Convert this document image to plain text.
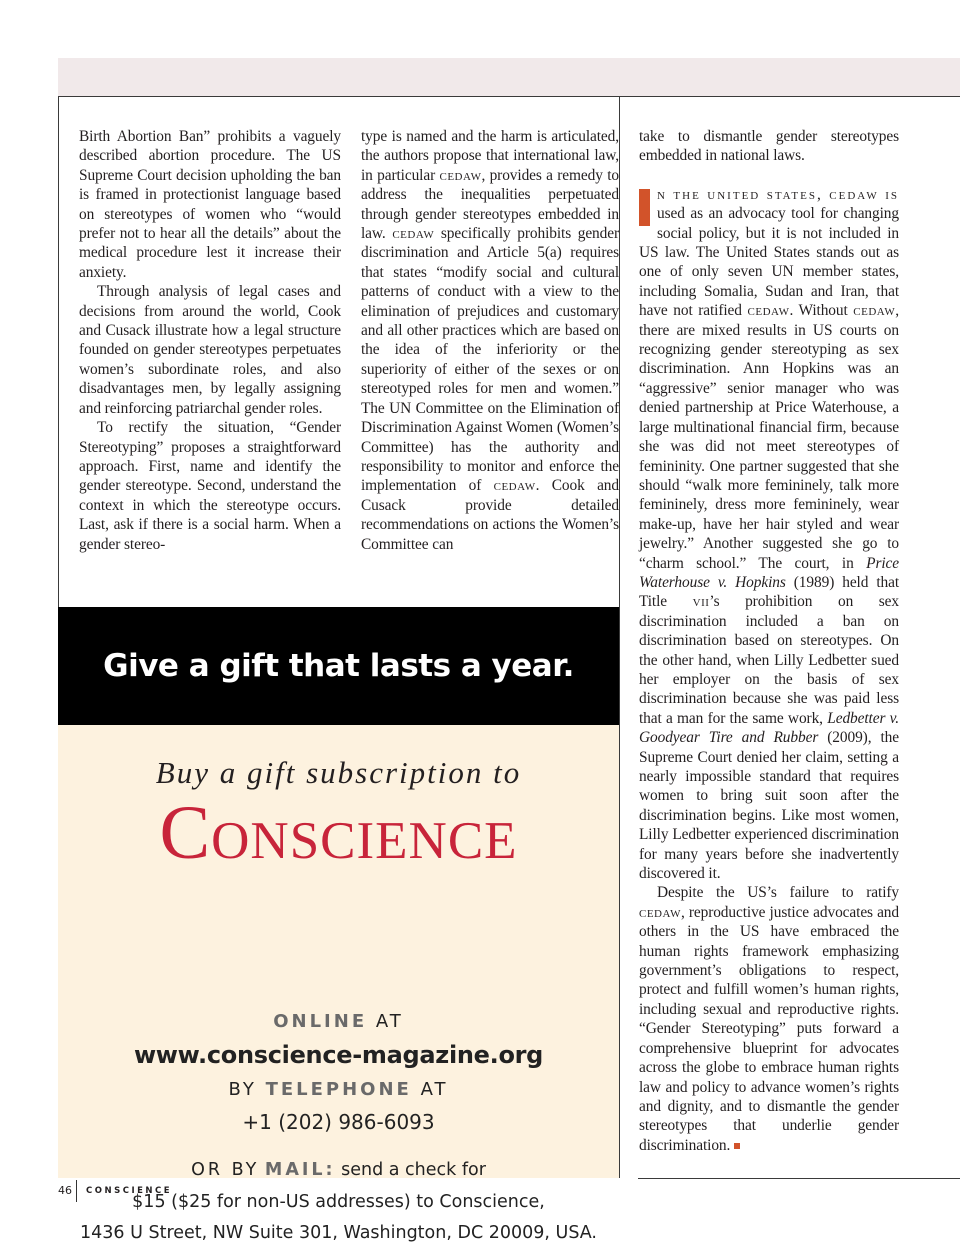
Birth Abortion Ban” prohibits a vaguely described abortion procedure. The US Supreme Court decision upholding the ban is framed in protectionist language based on stereotypes of women who “would prefer not to hear all the details” about the medical procedure lest it increase their anxiety.

Through analysis of legal cases and decisions from around the world, Cook and Cusack illustrate how a legal structure founded on gender stereotypes perpetuates women’s subordinate roles, and also disadvantages men, by legally assigning and reinforcing patriarchal gender roles.

To rectify the situation, “Gender Stereotyping” proposes a straightforward approach. First, name and identify the gender stereotype. Second, understand the context in which the stereotype occurs. Last, ask if there is a social harm. When a gender stereo-

type is named and the harm is articulated, the authors propose that international law, in particular cedaw, provides a remedy to address the inequalities perpetuated through gender stereotypes embedded in law. cedaw specifically prohibits gender discrimination and Article 5(a) requires that states “modify social and cultural patterns of conduct with a view to the elimination of prejudices and customary and all other practices which are based on the idea of the inferiority or the superiority of either of the sexes or on stereotyped roles for men and women.” The UN Committee on the Elimination of Discrimination Against Women (Women’s Committee) has the authority and responsibility to monitor and enforce the implementation of cedaw. Cook and Cusack provide detailed recommendations on actions the Women’s Committee can

take to dismantle gender stereotypes embedded in national laws.

n the united states, cedaw is used as an advocacy tool for changing social policy, but it is not included in US law. The United States stands out as one of only seven UN member states, including Somalia, Sudan and Iran, that have not ratified cedaw. Without cedaw, there are mixed results in US courts on recognizing gender stereotyping as sex discrimination. Ann Hopkins was an “aggressive” senior manager who was denied partnership at Price Waterhouse, a large multinational financial firm, because she was did not meet stereotypes of femininity. One partner suggested that she should “walk more femininely, talk more femininely, dress more femininely, wear make-up, have her hair styled and wear jewelry.” Another suggested she go to “charm school.” The court, in Price Waterhouse v. Hopkins (1989) held that Title vii’s prohibition on sex discrimination included a ban on discrimination based on stereotypes. On the other hand, when Lilly Ledbetter sued her employer on the basis of sex discrimination because she was paid less that a man for the same work, Ledbetter v. Goodyear Tire and Rubber (2009), the Supreme Court denied her claim, setting a nearly impossible standard that requires women to bring suit soon after the discrimination begins. Like most women, Lilly Ledbetter experienced discrimination for many years before she inadvertently discovered it.

Despite the US’s failure to ratify cedaw, reproductive justice advocates and others in the US have embraced the human rights framework emphasizing government’s obligations to respect, protect and fulfill women’s human rights, including sexual and reproductive rights. “Gender Stereotyping” puts forward a comprehensive blueprint for advocates across the globe to embrace human rights law and policy to advance women’s rights and dignity, and to dismantle the gender stereotypes that underlie gender discrimination.

Give a gift that lasts a year.
Buy a gift subscription to
Conscience
ONLINE AT
www.conscience-magazine.org
BY TELEPHONE AT
+1 (202) 986-6093
OR BY MAIL: send a check for
$15 ($25 for non-US addresses) to Conscience,
1436 U Street, NW Suite 301, Washington, DC 20009, USA.
46 CONSCIENCE
